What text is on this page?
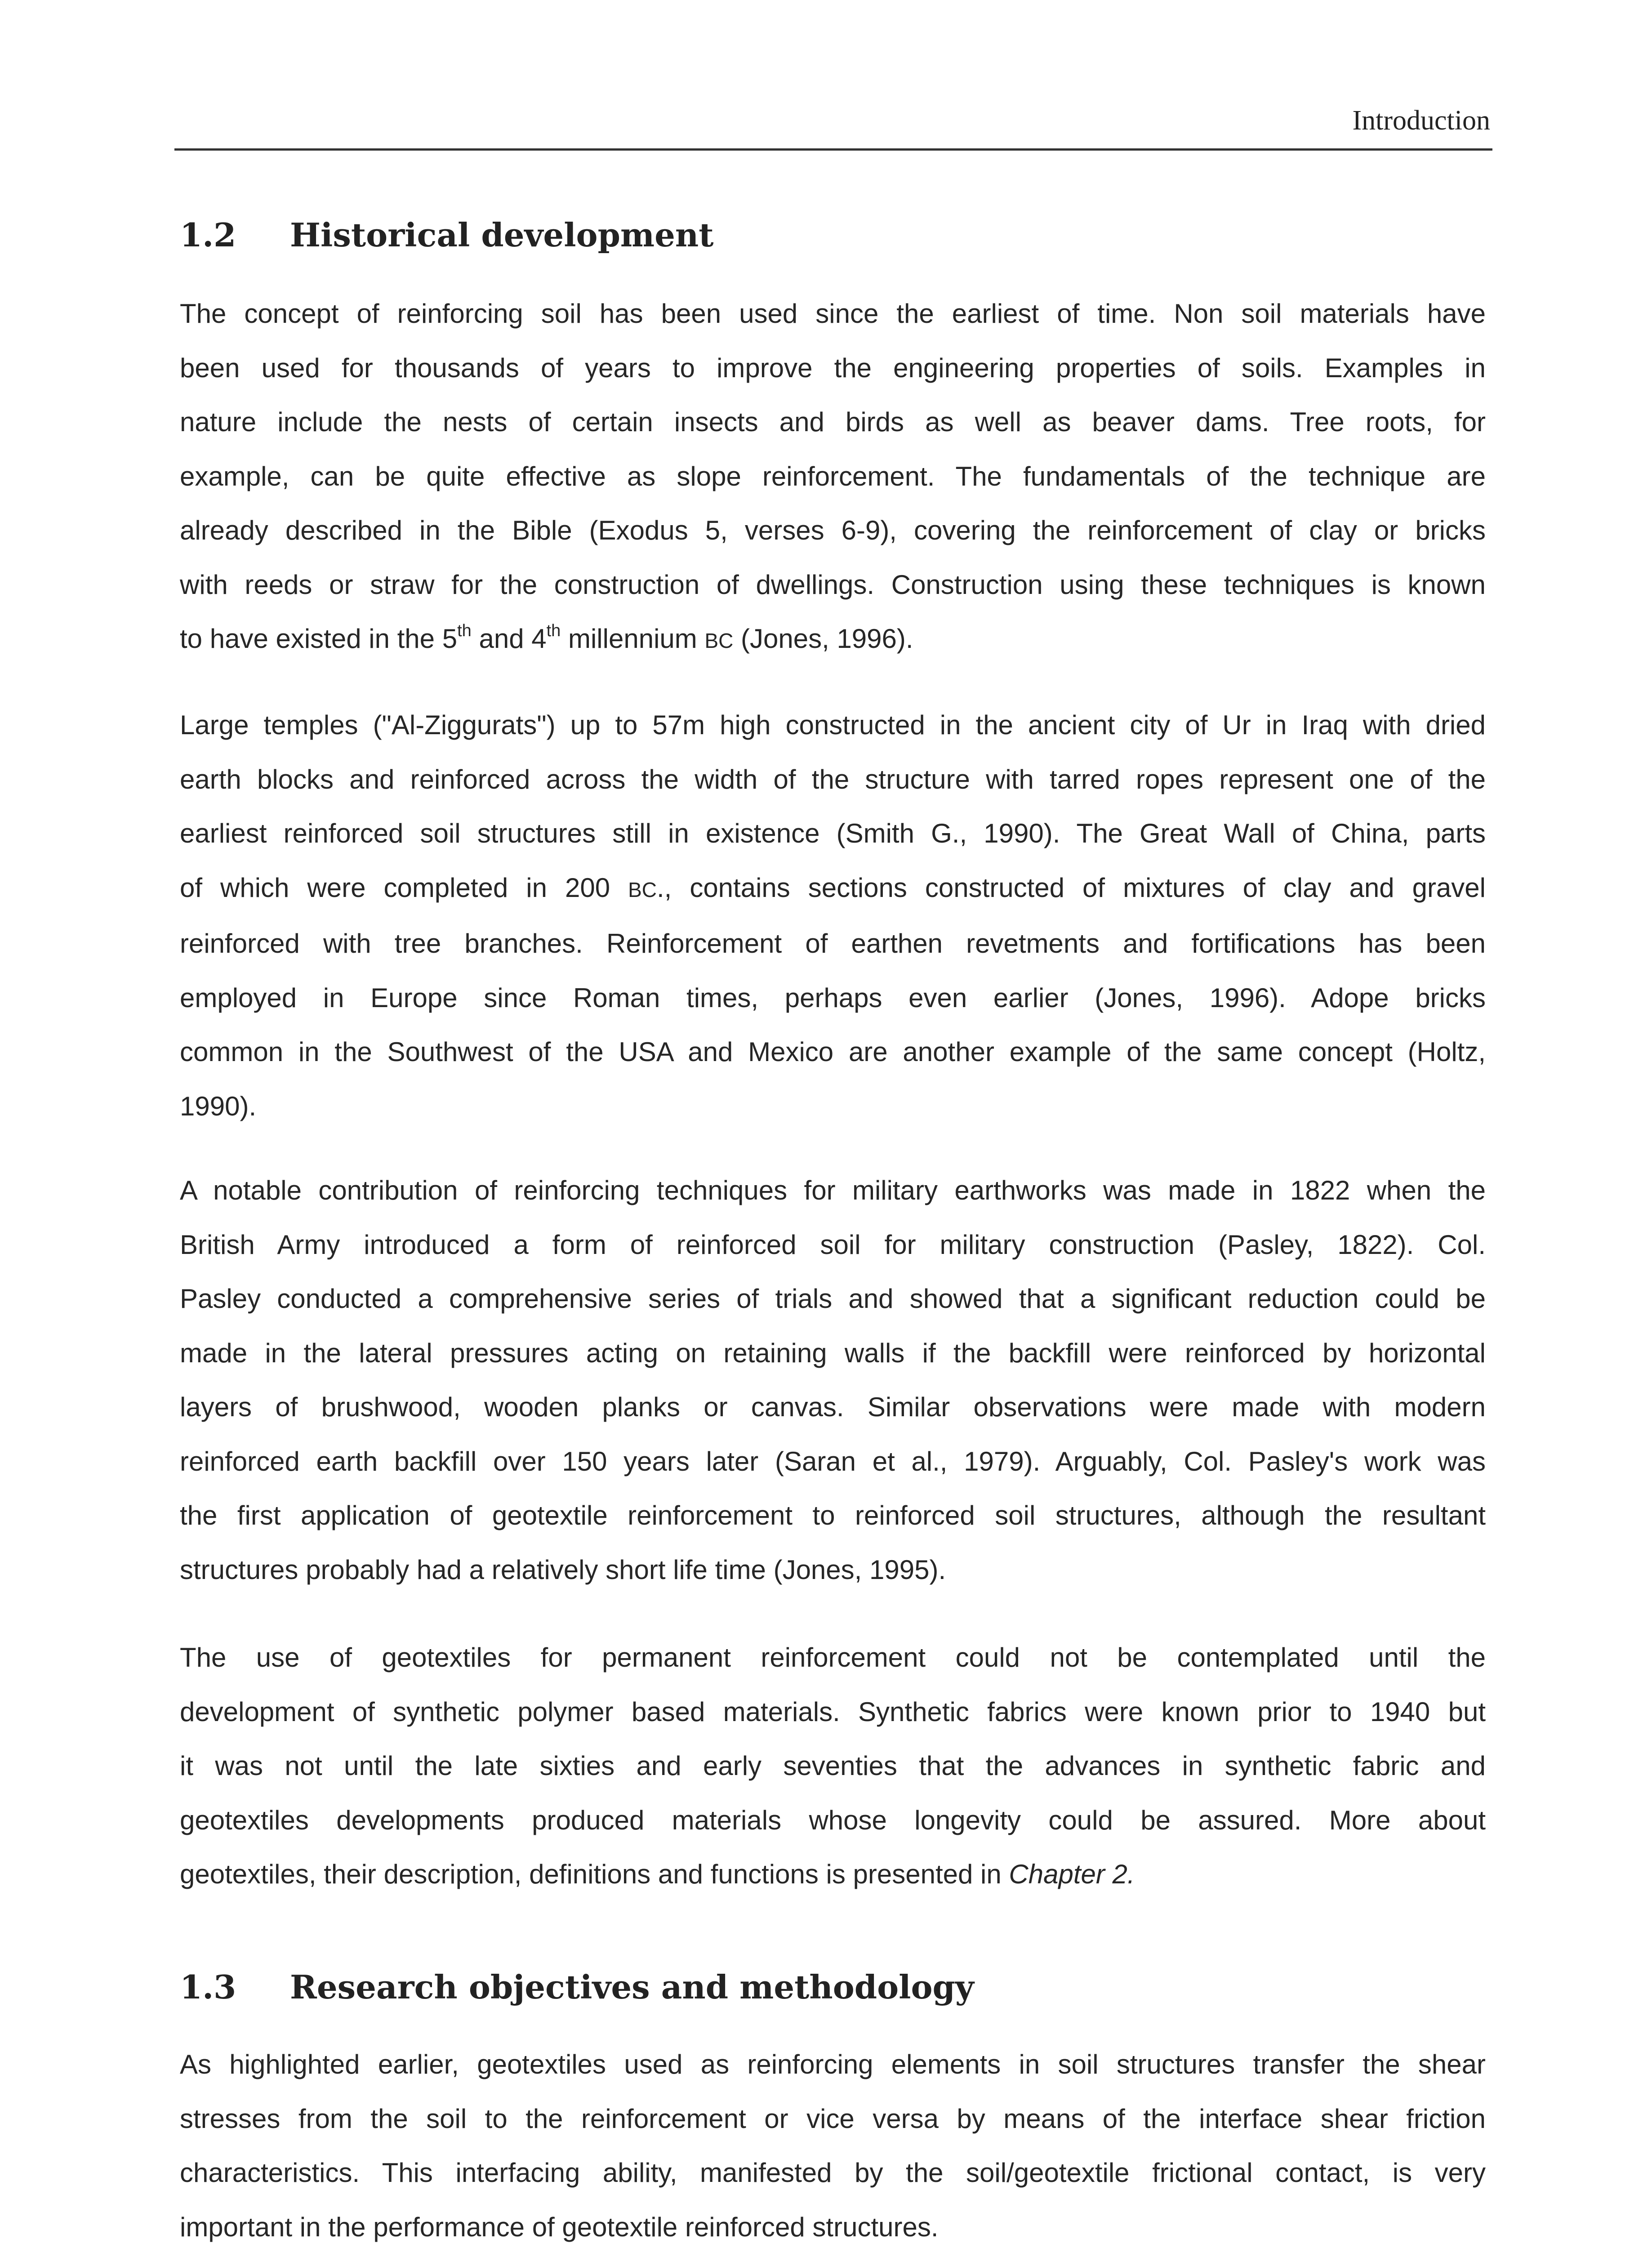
Introduction
1.2 Historical development
The concept of reinforcing soil has been used since the earliest of time. Non soil materials have
been used for thousands of years to improve the engineering properties of soils. Examples in
nature include the nests of certain insects and birds as well as beaver dams. Tree roots, for
example, can be quite effective as slope reinforcement. The fundamentals of the technique are
already described in the Bible (Exodus 5, verses 6-9), covering the reinforcement of clay or bricks
with reeds or straw for the construction of dwellings. Construction using these techniques is known
to have existed in the 5th and 4th millennium BC (Jones, 1996).
Large temples ("Al-Ziggurats") up to 57m high constructed in the ancient city of Ur in Iraq with dried
earth blocks and reinforced across the width of the structure with tarred ropes represent one of the
earliest reinforced soil structures still in existence (Smith G., 1990). The Great Wall of China, parts
of which were completed in 200 BC., contains sections constructed of mixtures of clay and gravel
reinforced with tree branches. Reinforcement of earthen revetments and fortifications has been
employed in Europe since Roman times, perhaps even earlier (Jones, 1996). Adope bricks
common in the Southwest of the USA and Mexico are another example of the same concept (Holtz,
1990).
A notable contribution of reinforcing techniques for military earthworks was made in 1822 when the
British Army introduced a form of reinforced soil for military construction (Pasley, 1822). Col.
Pasley conducted a comprehensive series of trials and showed that a significant reduction could be
made in the lateral pressures acting on retaining walls if the backfill were reinforced by horizontal
layers of brushwood, wooden planks or canvas. Similar observations were made with modern
reinforced earth backfill over 150 years later (Saran et al., 1979). Arguably, Col. Pasley's work was
the first application of geotextile reinforcement to reinforced soil structures, although the resultant
structures probably had a relatively short life time (Jones, 1995).
The use of geotextiles for permanent reinforcement could not be contemplated until the
development of synthetic polymer based materials. Synthetic fabrics were known prior to 1940 but
it was not until the late sixties and early seventies that the advances in synthetic fabric and
geotextiles developments produced materials whose longevity could be assured. More about
geotextiles, their description, definitions and functions is presented in Chapter 2.
1.3 Research objectives and methodology
As highlighted earlier, geotextiles used as reinforcing elements in soil structures transfer the shear
stresses from the soil to the reinforcement or vice versa by means of the interface shear friction
characteristics. This interfacing ability, manifested by the soil/geotextile frictional contact, is very
important in the performance of geotextile reinforced structures.
